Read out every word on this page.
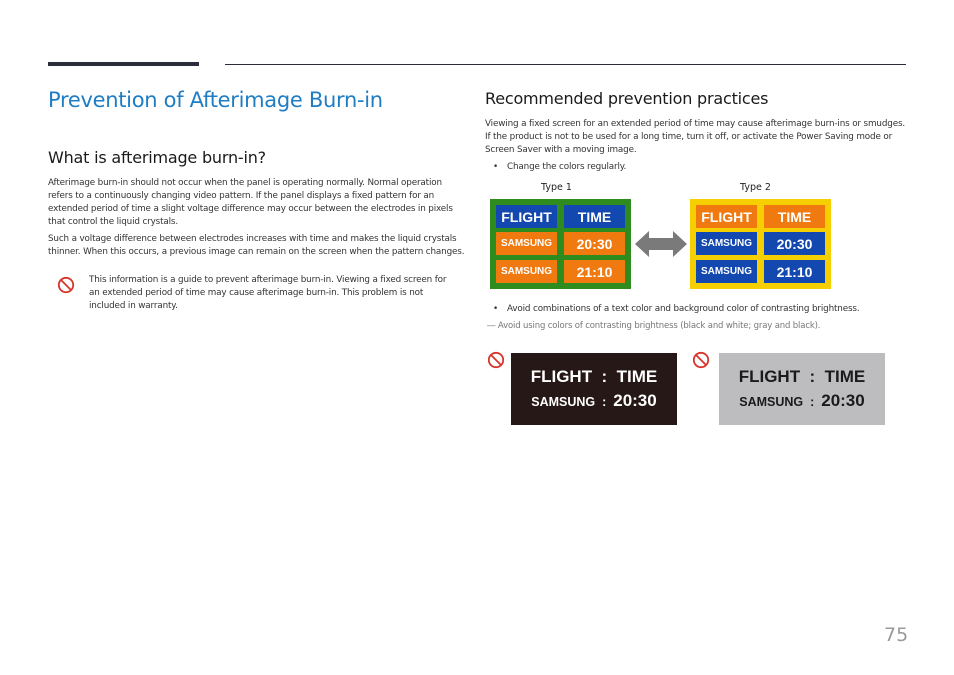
Prevention of Afterimage Burn-in
What is afterimage burn-in?
Afterimage burn-in should not occur when the panel is operating normally. Normal operation refers to a continuously changing video pattern. If the panel displays a fixed pattern for an extended period of time a slight voltage difference may occur between the electrodes in pixels that control the liquid crystals.
Such a voltage difference between electrodes increases with time and makes the liquid crystals thinner. When this occurs, a previous image can remain on the screen when the pattern changes.
This information is a guide to prevent afterimage burn-in. Viewing a fixed screen for an extended period of time may cause afterimage burn-in. This problem is not included in warranty.
Recommended prevention practices
Viewing a fixed screen for an extended period of time may cause afterimage burn-ins or smudges. If the product is not to be used for a long time, turn it off, or activate the Power Saving mode or Screen Saver with a moving image.
• Change the colors regularly.
Type 1	Type 2
FLIGHT	TIME
SAMSUNG	20:30
SAMSUNG	21:10
FLIGHT	TIME
SAMSUNG	20:30
SAMSUNG	21:10
• Avoid combinations of a text color and background color of contrasting brightness.
― Avoid using colors of contrasting brightness (black and white; gray and black).
FLIGHT  :  TIME
SAMSUNG : 20:30
FLIGHT  :  TIME
SAMSUNG : 20:30
75
